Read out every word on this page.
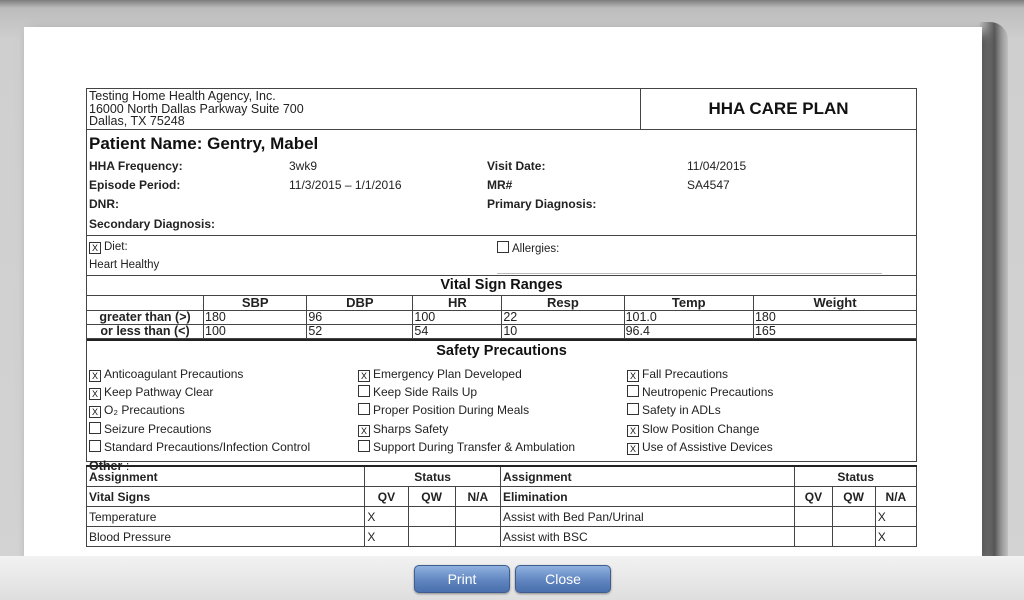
Testing Home Health Agency, Inc.
16000 North Dallas Parkway Suite 700
Dallas, TX 75248
HHA CARE PLAN
Patient Name: Gentry, Mabel
HHA Frequency:	3wk9	Visit Date:	11/04/2015
Episode Period:	11/3/2015 – 1/1/2016	MR#	SA4547
DNR:	Primary Diagnosis:
Secondary Diagnosis:
X Diet:
Heart Healthy
Allergies:
Vital Sign Ranges
	SBP	DBP	HR	Resp	Temp	Weight
greater than (>)	180	96	100	22	101.0	180
or less than (<)	100	52	54	10	96.4	165
Safety Precautions
X Anticoagulant Precautions
X Keep Pathway Clear
X O₂ Precautions
Seizure Precautions
Standard Precautions/Infection Control
X Emergency Plan Developed
Keep Side Rails Up
Proper Position During Meals
X Sharps Safety
Support During Transfer & Ambulation
X Fall Precautions
Neutropenic Precautions
Safety in ADLs
X Slow Position Change
X Use of Assistive Devices
Other :
Assignment	Status			Assignment	Status		
Vital Signs	QV	QW	N/A	Elimination	QV	QW	N/A
Temperature	X			Assist with Bed Pan/Urinal			X
Blood Pressure	X			Assist with BSC			X
Print	Close
